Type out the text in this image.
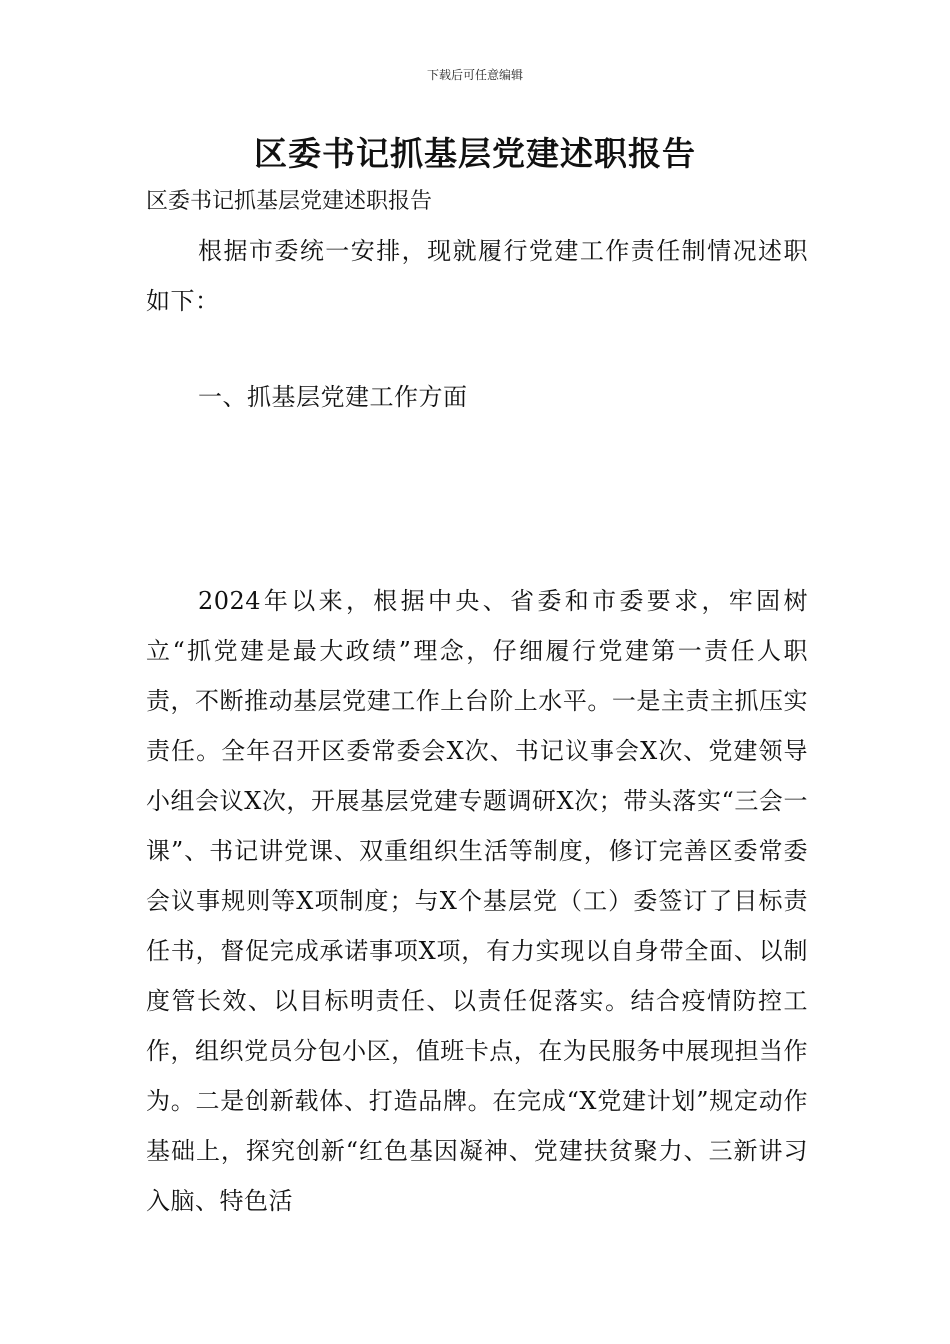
下载后可任意编辑
区委书记抓基层党建述职报告

区委书记抓基层党建述职报告

根据市委统一安排，现就履行党建工作责任制情况述职如下：

一、抓基层党建工作方面

2024年以来，根据中央、省委和市委要求，牢固树立“抓党建是最大政绩”理念，仔细履行党建第一责任人职责，不断推动基层党建工作上台阶上水平。一是主责主抓压实责任。全年召开区委常委会X次、书记议事会X次、党建领导小组会议X次，开展基层党建专题调研X次；带头落实“三会一课”、书记讲党课、双重组织生活等制度，修订完善区委常委会议事规则等X项制度；与X个基层党（工）委签订了目标责任书，督促完成承诺事项X项，有力实现以自身带全面、以制度管长效、以目标明责任、以责任促落实。结合疫情防控工作，组织党员分包小区，值班卡点，在为民服务中展现担当作为。二是创新载体、打造品牌。在完成“X党建计划”规定动作基础上，探究创新“红色基因凝神、党建扶贫聚力、三新讲习入脑、特色活
